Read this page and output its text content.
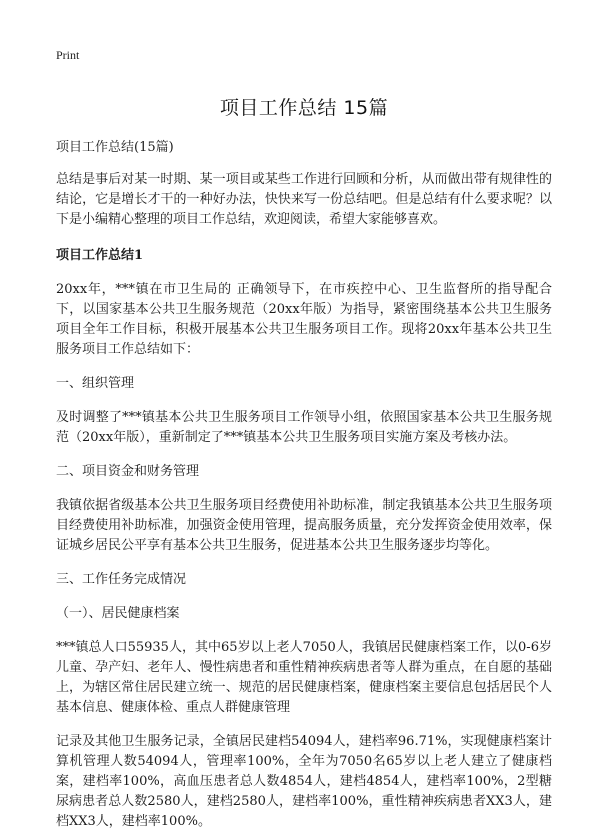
Print
项目工作总结 15篇
项目工作总结(15篇)

总结是事后对某一时期、某一项目或某些工作进行回顾和分析，从而做出带有规律性的结论，它是增长才干的一种好办法，快快来写一份总结吧。但是总结有什么要求呢？以下是小编精心整理的项目工作总结，欢迎阅读，希望大家能够喜欢。

项目工作总结1

20xx年，***镇在市卫生局的 正确领导下，在市疾控中心、卫生监督所的指导配合下，以国家基本公共卫生服务规范（20xx年版）为指导，紧密围绕基本公共卫生服务项目全年工作目标，积极开展基本公共卫生服务项目工作。现将20xx年基本公共卫生服务项目工作总结如下：

一、组织管理

及时调整了***镇基本公共卫生服务项目工作领导小组，依照国家基本公共卫生服务规范（20xx年版），重新制定了***镇基本公共卫生服务项目实施方案及考核办法。

二、项目资金和财务管理

我镇依据省级基本公共卫生服务项目经费使用补助标准，制定我镇基本公共卫生服务项目经费使用补助标准，加强资金使用管理，提高服务质量，充分发挥资金使用效率，保证城乡居民公平享有基本公共卫生服务，促进基本公共卫生服务逐步均等化。

三、工作任务完成情况

（一）、居民健康档案

***镇总人口55935人，其中65岁以上老人7050人，我镇居民健康档案工作，以0-6岁儿童、孕产妇、老年人、慢性病患者和重性精神疾病患者等人群为重点，在自愿的基础上，为辖区常住居民建立统一、规范的居民健康档案，健康档案主要信息包括居民个人基本信息、健康体检、重点人群健康管理

记录及其他卫生服务记录，全镇居民建档54094人，建档率96.71%，实现健康档案计算机管理人数54094人，管理率100%，全年为7050名65岁以上老人建立了健康档案，建档率100%，高血压患者总人数4854人，建档4854人，建档率100%，2型糖尿病患者总人数2580人，建档2580人，建档率100%，重性精神疾病患者XX3人，建档XX3人，建档率100%。
